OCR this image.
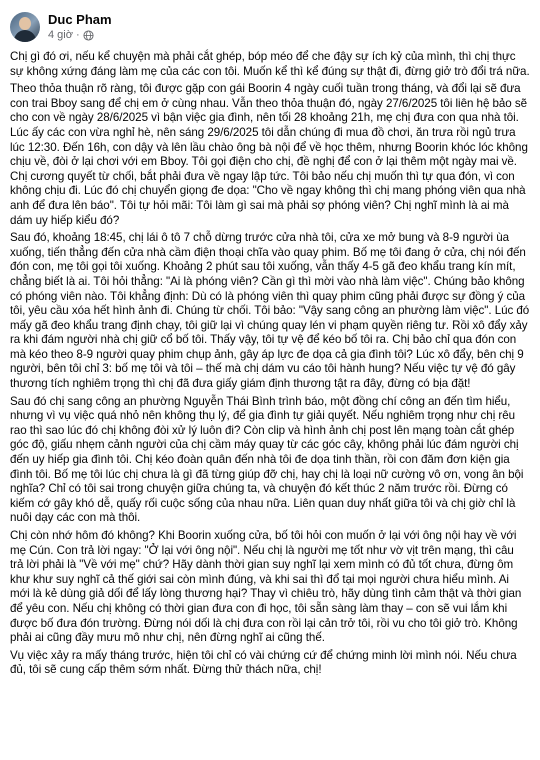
Duc Pham
4 giờ ·

Chị gì đó ơi, nếu kể chuyện mà phải cắt ghép, bóp méo để che đậy sự ích kỷ của mình, thì chị thực sự không xứng đáng làm mẹ của các con tôi. Muốn kể thì kể đúng sự thật đi, đừng giở trò đổi trá nữa.

Theo thỏa thuận rõ ràng, tôi được gặp con gái Boorin 4 ngày cuối tuần trong tháng, và đổi lại sẽ đưa con trai Bboy sang để chị em ở cùng nhau. Vẫn theo thỏa thuận đó, ngày 27/6/2025 tôi liên hệ bảo sẽ cho con về ngày 28/6/2025 vì bận việc gia đình, nên tối 28 khoảng 21h, mẹ chị đưa con qua nhà tôi. Lúc ấy các con vừa nghỉ hè, nên sáng 29/6/2025 tôi dẫn chúng đi mua đồ chơi, ăn trưa rồi ngủ trưa lúc 12:30. Đến 16h, con dậy và lên lầu chào ông bà nội để về học thêm, nhưng Boorin khóc lóc không chịu về, đòi ở lại chơi với em Bboy. Tôi gọi điện cho chị, đề nghị để con ở lại thêm một ngày mai về. Chị cương quyết từ chối, bắt phải đưa về ngay lập tức. Tôi bảo nếu chị muốn thì tự qua đón, vì con không chịu đi. Lúc đó chị chuyển giọng đe dọa: "Cho về ngay không thì chị mang phóng viên qua nhà anh để đưa lên báo". Tôi tự hỏi mãi: Tôi làm gì sai mà phải sợ phóng viên? Chị nghĩ mình là ai mà dám uy hiếp kiểu đó?

Sau đó, khoảng 18:45, chị lái ô tô 7 chỗ dừng trước cửa nhà tôi, cửa xe mở bung và 8-9 người ùa xuống, tiến thẳng đến cửa nhà cầm điện thoại chĩa vào quay phim. Bố mẹ tôi đang ở cửa, chị nói đến đón con, mẹ tôi gọi tôi xuống. Khoảng 2 phút sau tôi xuống, vẫn thấy 4-5 gã đeo khẩu trang kín mít, chẳng biết là ai. Tôi hỏi thẳng: "Ai là phóng viên? Cần gì thì mời vào nhà làm việc". Chúng bảo không có phóng viên nào. Tôi khẳng định: Dù có là phóng viên thì quay phim cũng phải được sự đồng ý của tôi, yêu cầu xóa hết hình ảnh đi. Chúng từ chối. Tôi bảo: "Vậy sang công an phường làm việc". Lúc đó mấy gã đeo khẩu trang định chạy, tôi giữ lại vì chúng quay lén vi phạm quyền riêng tư. Rồi xô đẩy xảy ra khi đám người nhà chị giữ cổ bố tôi. Thấy vậy, tôi tự vệ để kéo bố tôi ra. Chị bảo chỉ qua đón con mà kéo theo 8-9 người quay phim chụp ảnh, gây áp lực đe dọa cả gia đình tôi? Lúc xô đẩy, bên chị 9 người, bên tôi chỉ 3: bố mẹ tôi và tôi – thế mà chị dám vu cáo tôi hành hung? Nếu việc tự vệ đó gây thương tích nghiêm trọng thì chị đã đưa giấy giám định thương tật ra đây, đừng có bịa đặt!

Sau đó chị sang công an phường Nguyễn Thái Bình trình báo, một đồng chí công an đến tìm hiểu, nhưng vì vụ việc quá nhỏ nên không thụ lý, để gia đình tự giải quyết. Nếu nghiêm trọng như chị rêu rao thì sao lúc đó chị không đòi xử lý luôn đi? Còn clip và hình ảnh chị post lên mạng toàn cắt ghép góc độ, giấu nhẹm cảnh người của chị cầm máy quay từ các góc cây, không phải lúc đám người chị đến uy hiếp gia đình tôi. Chị kéo đoàn quân đến nhà tôi đe dọa tinh thần, rồi con đăm đơn kiện gia đình tôi. Bố mẹ tôi lúc chị chưa là gì đã từng giúp đỡ chị, hay chị là loại nữ cường vô ơn, vong ân bội nghĩa? Chỉ có tôi sai trong chuyện giữa chúng ta, và chuyện đó kết thúc 2 năm trước rồi. Đừng có kiếm cớ gây khó dễ, quấy rối cuộc sống của nhau nữa. Liên quan duy nhất giữa tôi và chị giờ chỉ là nuôi dạy các con mà thôi.

Chị còn nhớ hôm đó không? Khi Boorin xuống cửa, bố tôi hỏi con muốn ở lại với ông nội hay về với mẹ Cún. Con trả lời ngay: "Ở lại với ông nội". Nếu chị là người mẹ tốt như vờ vịt trên mạng, thì câu trả lời phải là "Về với mẹ" chứ? Hãy dành thời gian suy nghĩ lại xem mình có đủ tốt chưa, đừng ôm khư khư suy nghĩ cả thế giới sai còn mình đúng, và khi sai thì đổ tại mọi người chưa hiểu mình. Ai mới là kẻ dùng giả dối để lấy lòng thương hại? Thay vì chiêu trò, hãy dùng tình cảm thật và thời gian để yêu con. Nếu chị không có thời gian đưa con đi học, tôi sẵn sàng làm thay – con sẽ vui lắm khi được bố đưa đón trường. Đừng nói dối là chị đưa con rồi lại cản trở tôi, rồi vu cho tôi giở trò. Không phải ai cũng đầy mưu mô như chị, nên đừng nghĩ ai cũng thế.

Vụ việc xảy ra mấy tháng trước, hiện tôi chỉ có vài chứng cứ để chứng minh lời mình nói. Nếu chưa đủ, tôi sẽ cung cấp thêm sớm nhất. Đừng thử thách nữa, chị!
